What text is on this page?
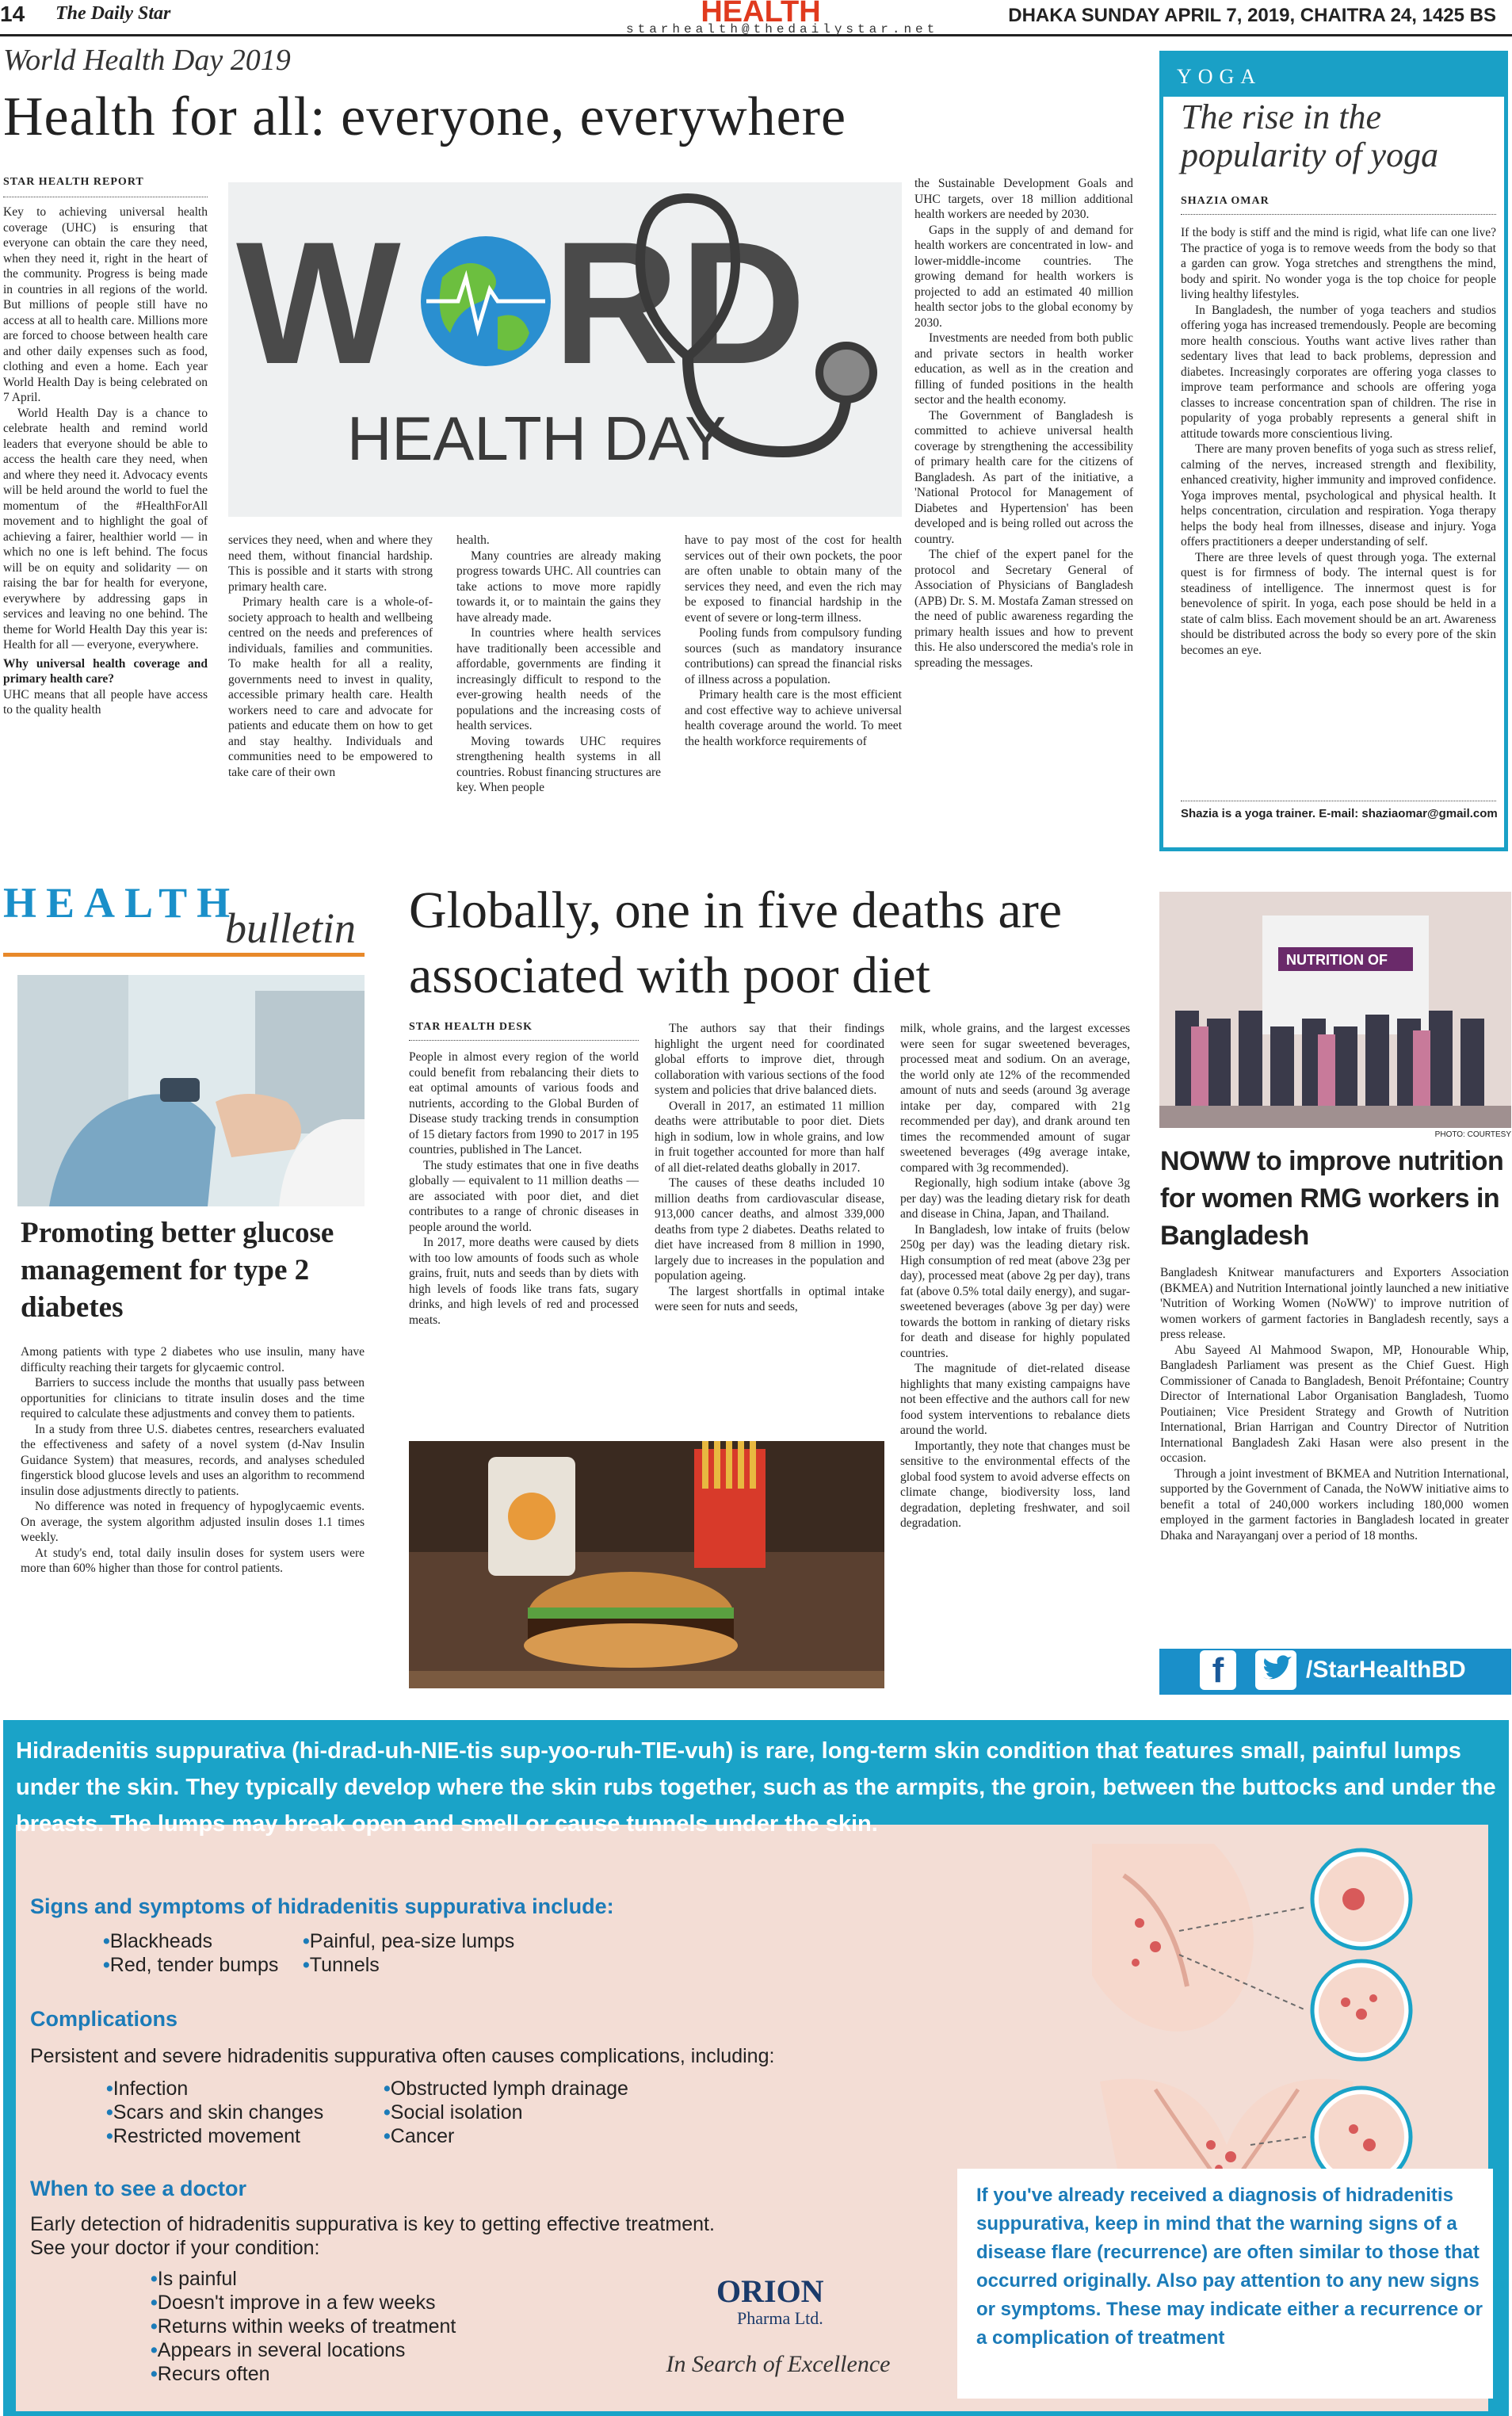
14 The Daily Star	HEALTH
starhealth@thedailystar.net
DHAKA SUNDAY APRIL 7, 2019, CHAITRA 24, 1425 BS
World Health Day 2019
Health for all: everyone, everywhere
STAR HEALTH REPORT

Key to achieving universal health coverage (UHC) is ensuring that everyone can obtain the care they need, when they need it, right in the heart of the community. Progress is being made in countries in all regions of the world. But millions of people still have no access at all to health care. Millions more are forced to choose between health care and other daily expenses such as food, clothing and even a home. Each year World Health Day is being celebrated on 7 April.

World Health Day is a chance to celebrate health and remind world leaders that everyone should be able to access the health care they need, when and where they need it. Advocacy events will be held around the world to fuel the momentum of the #HealthForAll movement and to highlight the goal of achieving a fairer, healthier world — in which no one is left behind. The focus will be on equity and solidarity — on raising the bar for health for everyone, everywhere by addressing gaps in services and leaving no one behind. The theme for World Health Day this year is: Health for all — everyone, everywhere.

Why universal health coverage and primary health care?

UHC means that all people have access to the quality health

W R D
HEALTH DAY

services they need, when and where they need them, without financial hardship. This is possible and it starts with strong primary health care.

Primary health care is a whole-of-society approach to health and wellbeing centred on the needs and preferences of individuals, families and communities. To make health for all a reality, governments need to invest in quality, accessible primary health care. Health workers need to care and advocate for patients and educate them on how to get and stay healthy. Individuals and communities need to be empowered to take care of their own

health.

Many countries are already making progress towards UHC. All countries can take actions to move more rapidly towards it, or to maintain the gains they have already made.

In countries where health services have traditionally been accessible and affordable, governments are finding it increasingly difficult to respond to the ever-growing health needs of the populations and the increasing costs of health services.

Moving towards UHC requires strengthening health systems in all countries. Robust financing structures are key. When people

have to pay most of the cost for health services out of their own pockets, the poor are often unable to obtain many of the services they need, and even the rich may be exposed to financial hardship in the event of severe or long-term illness.

Pooling funds from compulsory funding sources (such as mandatory insurance contributions) can spread the financial risks of illness across a population.

Primary health care is the most efficient and cost effective way to achieve universal health coverage around the world. To meet the health workforce requirements of

the Sustainable Development Goals and UHC targets, over 18 million additional health workers are needed by 2030.

Gaps in the supply of and demand for health workers are concentrated in low- and lower-middle-income countries. The growing demand for health workers is projected to add an estimated 40 million health sector jobs to the global economy by 2030.

Investments are needed from both public and private sectors in health worker education, as well as in the creation and filling of funded positions in the health sector and the health economy.

The Government of Bangladesh is committed to achieve universal health coverage by strengthening the accessibility of primary health care for the citizens of Bangladesh. As part of the initiative, a 'National Protocol for Management of Diabetes and Hypertension' has been developed and is being rolled out across the country.

The chief of the expert panel for the protocol and Secretary General of Association of Physicians of Bangladesh (APB) Dr. S. M. Mostafa Zaman stressed on the need of public awareness regarding the primary health issues and how to prevent this. He also underscored the media's role in spreading the messages.

YOGA
The rise in the popularity of yoga
SHAZIA OMAR

If the body is stiff and the mind is rigid, what life can one live? The practice of yoga is to remove weeds from the body so that a garden can grow. Yoga stretches and strengthens the mind, body and spirit. No wonder yoga is the top choice for people living healthy lifestyles.

In Bangladesh, the number of yoga teachers and studios offering yoga has increased tremendously. People are becoming more health conscious. Youths want active lives rather than sedentary lives that lead to back problems, depression and diabetes. Increasingly corporates are offering yoga classes to improve team performance and schools are offering yoga classes to increase concentration span of children. The rise in popularity of yoga probably represents a general shift in attitude towards more conscientious living.

There are many proven benefits of yoga such as stress relief, calming of the nerves, increased strength and flexibility, enhanced creativity, higher immunity and improved confidence. Yoga improves mental, psychological and physical health. It helps concentration, circulation and respiration. Yoga therapy helps the body heal from illnesses, disease and injury. Yoga offers practitioners a deeper understanding of self.

There are three levels of quest through yoga. The external quest is for firmness of body. The internal quest is for steadiness of intelligence. The innermost quest is for benevolence of spirit. In yoga, each pose should be held in a state of calm bliss. Each movement should be an art. Awareness should be distributed across the body so every pore of the skin becomes an eye.

Shazia is a yoga trainer. E-mail: shaziaomar@gmail.com
HEALTH
bulletin
Promoting better glucose management for type 2 diabetes

Among patients with type 2 diabetes who use insulin, many have difficulty reaching their targets for glycaemic control.

Barriers to success include the months that usually pass between opportunities for clinicians to titrate insulin doses and the time required to calculate these adjustments and convey them to patients.

In a study from three U.S. diabetes centres, researchers evaluated the effectiveness and safety of a novel system (d-Nav Insulin Guidance System) that measures, records, and analyses scheduled fingerstick blood glucose levels and uses an algorithm to recommend insulin dose adjustments directly to patients.

No difference was noted in frequency of hypoglycaemic events. On average, the system algorithm adjusted insulin doses 1.1 times weekly.

At study's end, total daily insulin doses for system users were more than 60% higher than those for control patients.

Globally, one in five deaths are associated with poor diet
STAR HEALTH DESK

People in almost every region of the world could benefit from rebalancing their diets to eat optimal amounts of various foods and nutrients, according to the Global Burden of Disease study tracking trends in consumption of 15 dietary factors from 1990 to 2017 in 195 countries, published in The Lancet.

The study estimates that one in five deaths globally — equivalent to 11 million deaths — are associated with poor diet, and diet contributes to a range of chronic diseases in people around the world.

In 2017, more deaths were caused by diets with too low amounts of foods such as whole grains, fruit, nuts and seeds than by diets with high levels of foods like trans fats, sugary drinks, and high levels of red and processed meats.

The authors say that their findings highlight the urgent need for coordinated global efforts to improve diet, through collaboration with various sections of the food system and policies that drive balanced diets.

Overall in 2017, an estimated 11 million deaths were attributable to poor diet. Diets high in sodium, low in whole grains, and low in fruit together accounted for more than half of all diet-related deaths globally in 2017.

The causes of these deaths included 10 million deaths from cardiovascular disease, 913,000 cancer deaths, and almost 339,000 deaths from type 2 diabetes. Deaths related to diet have increased from 8 million in 1990, largely due to increases in the population and population ageing.

The largest shortfalls in optimal intake were seen for nuts and seeds,

milk, whole grains, and the largest excesses were seen for sugar sweetened beverages, processed meat and sodium. On an average, the world only ate 12% of the recommended amount of nuts and seeds (around 3g average intake per day, compared with 21g recommended per day), and drank around ten times the recommended amount of sugar sweetened beverages (49g average intake, compared with 3g recommended).

Regionally, high sodium intake (above 3g per day) was the leading dietary risk for death and disease in China, Japan, and Thailand.

In Bangladesh, low intake of fruits (below 250g per day) was the leading dietary risk. High consumption of red meat (above 23g per day), processed meat (above 2g per day), trans fat (above 0.5% total daily energy), and sugar-sweetened beverages (above 3g per day) were towards the bottom in ranking of dietary risks for death and disease for highly populated countries.

The magnitude of diet-related disease highlights that many existing campaigns have not been effective and the authors call for new food system interventions to rebalance diets around the world.

Importantly, they note that changes must be sensitive to the environmental effects of the global food system to avoid adverse effects on climate change, biodiversity loss, land degradation, depleting freshwater, and soil degradation.

NUTRITION OF
PHOTO: COURTESY
NOWW to improve nutrition for women RMG workers in Bangladesh

Bangladesh Knitwear manufacturers and Exporters Association (BKMEA) and Nutrition International jointly launched a new initiative 'Nutrition of Working Women (NoWW)' to improve nutrition of women workers of garment factories in Bangladesh recently, says a press release.

Abu Sayeed Al Mahmood Swapon, MP, Honourable Whip, Bangladesh Parliament was present as the Chief Guest. High Commissioner of Canada to Bangladesh, Benoit Préfontaine; Country Director of International Labor Organisation Bangladesh, Tuomo Poutiainen; Vice President Strategy and Growth of Nutrition International, Brian Harrigan and Country Director of Nutrition International Bangladesh Zaki Hasan were also present in the occasion.

Through a joint investment of BKMEA and Nutrition International, supported by the Government of Canada, the NoWW initiative aims to benefit a total of 240,000 workers including 180,000 women employed in the garment factories in Bangladesh located in greater Dhaka and Narayanganj over a period of 18 months.

f	/StarHealthBD
Hidradenitis suppurativa (hi-drad-uh-NIE-tis sup-yoo-ruh-TIE-vuh) is rare, long-term skin condition that features small, painful lumps under the skin. They typically develop where the skin rubs together, such as the armpits, the groin, between the buttocks and under the breasts. The lumps may break open and smell or cause tunnels under the skin.
Signs and symptoms of hidradenitis suppurativa include:
• Blackheads
• Red, tender bumps
• Painful, pea-size lumps
• Tunnels
Complications
Persistent and severe hidradenitis suppurativa often causes complications, including:
• Infection
• Scars and skin changes
• Restricted movement
• Obstructed lymph drainage
• Social isolation
• Cancer
When to see a doctor
Early detection of hidradenitis suppurativa is key to getting effective treatment.
See your doctor if your condition:
• Is painful
• Doesn't improve in a few weeks
• Returns within weeks of treatment
• Appears in several locations
• Recurs often
If you've already received a diagnosis of hidradenitis suppurativa, keep in mind that the warning signs of a disease flare (recurrence) are often similar to those that occurred originally. Also pay attention to any new signs or symptoms. These may indicate either a recurrence or a complication of treatment
ORION
Pharma Ltd.
In Search of Excellence
